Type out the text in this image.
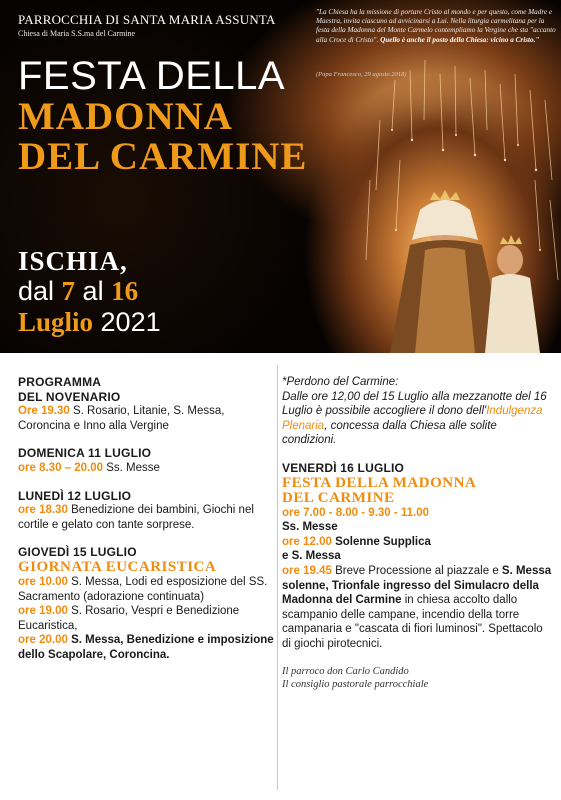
PARROCCHIA DI SANTA MARIA ASSUNTA
Chiesa di Maria S.S.ma del Carmine
"La Chiesa ha la missione di portare Cristo al mondo e per questo, come Madre e Maestra, invita ciascuno ad avvicinarsi a Lui. Nella liturgia carmelitana per la festa della Madonna del Monte Carmelo contempliamo la Vergine che sta "accanto alla Croce di Cristo". Quello è anche il posto della Chiesa: vicino a Cristo."
(Papa Francesco, 29 agosto 2018)
FESTA DELLA
MADONNA
DEL CARMINE
ISCHIA,
dal 7 al 16
Luglio 2021
PROGRAMMA
DEL NOVENARIO
Ore 19.30 S. Rosario, Litanie, S. Messa, Coroncina e Inno alla Vergine
DOMENICA 11 LUGLIO
ore 8.30 – 20.00 Ss. Messe
LUNEDÌ 12 LUGLIO
ore 18.30 Benedizione dei bambini, Giochi nel cortile e gelato con tante sorprese.
GIOVEDÌ 15 LUGLIO
GIORNATA EUCARISTICA
ore 10.00 S. Messa, Lodi ed esposizione del SS. Sacramento (adorazione continuata)
ore 19.00 S. Rosario, Vespri e Benedizione Eucaristica,
ore 20.00 S. Messa, Benedizione e imposizione dello Scapolare, Coroncina.
*Perdono del Carmine:
Dalle ore 12,00 del 15 Luglio alla mezzanotte del 16 Luglio è possibile accogliere il dono dell'Indulgenza Plenaria, concessa dalla Chiesa alle solite condizioni.
VENERDÌ 16 LUGLIO
FESTA DELLA MADONNA
DEL CARMINE
ore 7.00 - 8.00 - 9.30 - 11.00
Ss. Messe
ore 12.00 Solenne Supplica
e S. Messa
ore 19.45 Breve Processione al piazzale e S. Messa solenne, Trionfale ingresso del Simulacro della Madonna del Carmine in chiesa accolto dallo scampanio delle campane, incendio della torre campanaria e "cascata di fiori luminosi". Spettacolo di giochi pirotecnici.
Il parroco don Carlo Candido
Il consiglio pastorale parrocchiale
